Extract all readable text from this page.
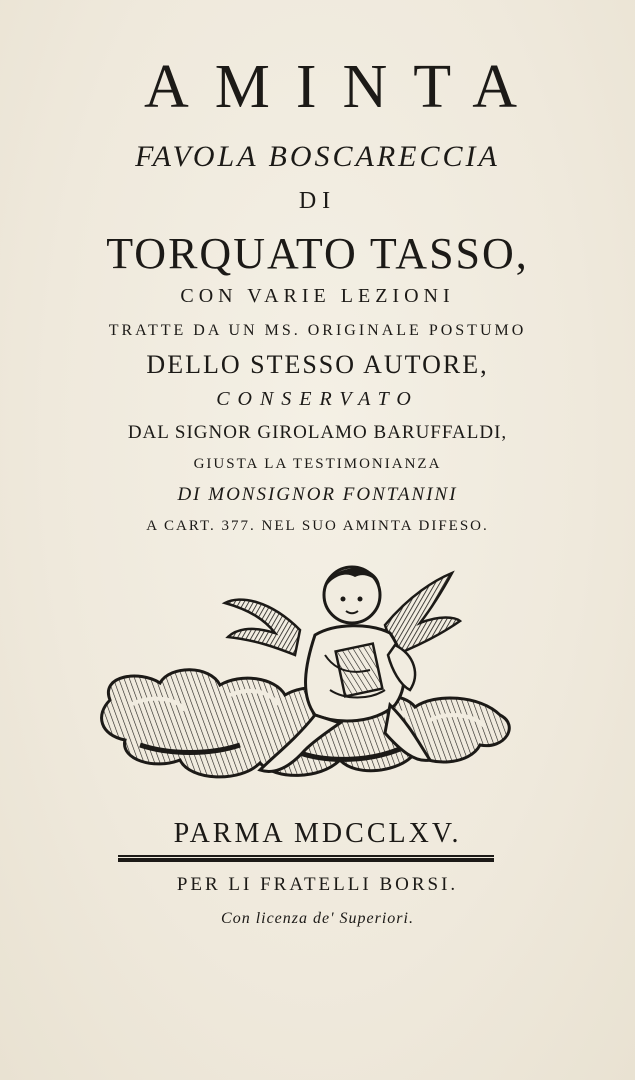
AMINTA
FAVOLA BOSCARECCIA
DI
TORQUATO TASSO,
CON VARIE LEZIONI
TRATTE DA UN MS. ORIGINALE POSTUMO
DELLO STESSO AUTORE,
CONSERVATO
DAL SIGNOR GIROLAMO BARUFFALDI,
GIUSTA LA TESTIMONIANZA
DI MONSIGNOR FONTANINI
A CART. 377. NEL SUO AMINTA DIFESO.
PARMA MDCCLXV.
PER LI FRATELLI BORSI.
Con licenza de' Superiori.
